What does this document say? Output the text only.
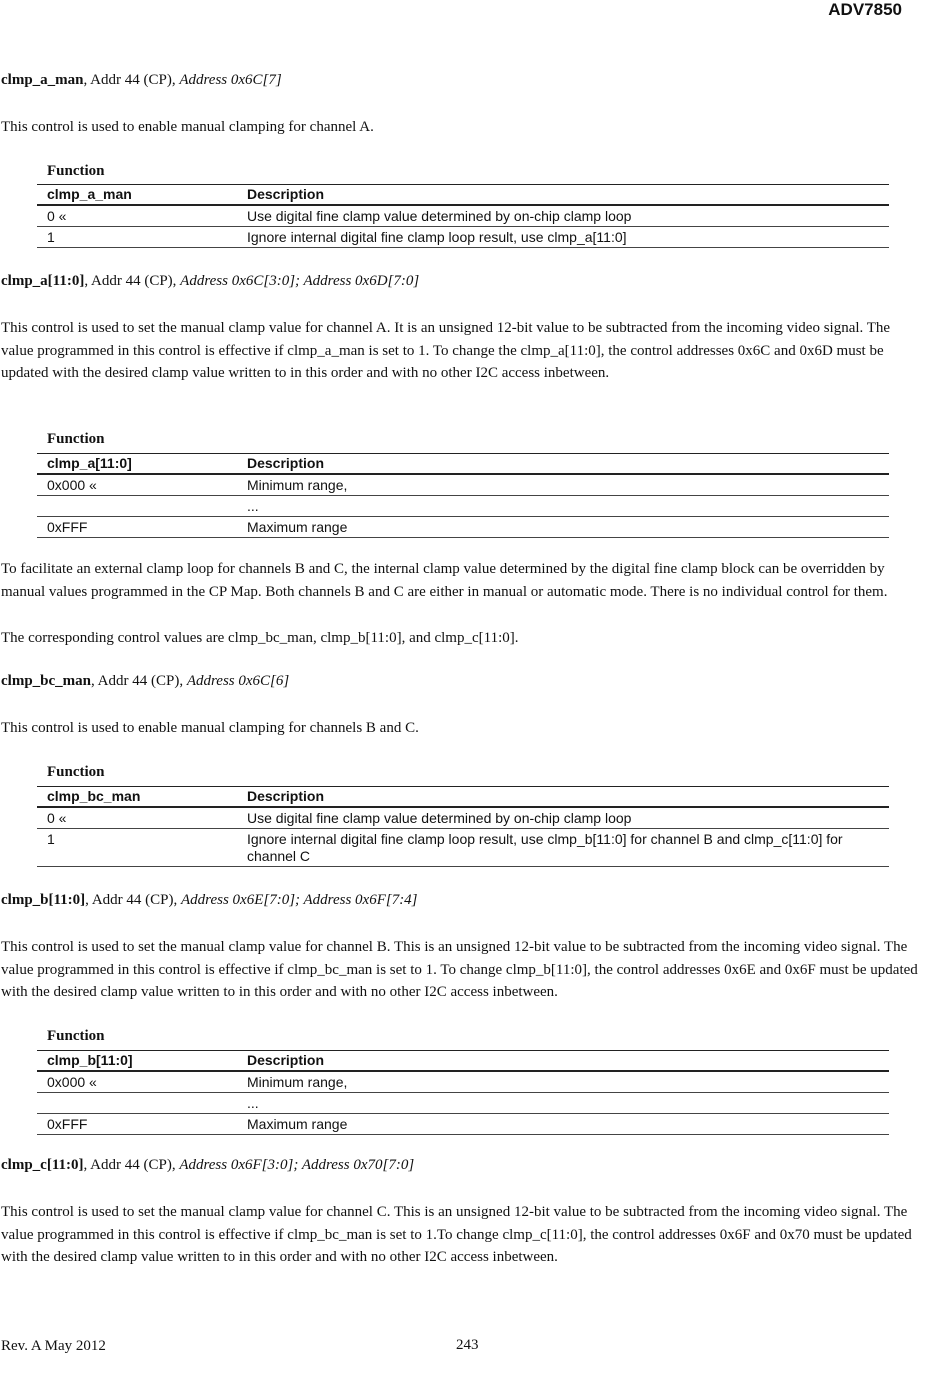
ADV7850
clmp_a_man, Addr 44 (CP), Address 0x6C[7]
This control is used to enable manual clamping for channel A.
Function
clmp_a_man	Description
0 «	Use digital fine clamp value determined by on-chip clamp loop
1	Ignore internal digital fine clamp loop result, use clmp_a[11:0]
clmp_a[11:0], Addr 44 (CP), Address 0x6C[3:0]; Address 0x6D[7:0]
This control is used to set the manual clamp value for channel A. It is an unsigned 12-bit value to be subtracted from the incoming video signal. The value programmed in this control is effective if clmp_a_man is set to 1. To change the clmp_a[11:0], the control addresses 0x6C and 0x6D must be updated with the desired clamp value written to in this order and with no other I2C access inbetween.
Function
clmp_a[11:0]	Description
0x000 «	Minimum range,
	...
0xFFF	Maximum range
To facilitate an external clamp loop for channels B and C, the internal clamp value determined by the digital fine clamp block can be overridden by manual values programmed in the CP Map. Both channels B and C are either in manual or automatic mode. There is no individual control for them.
The corresponding control values are clmp_bc_man, clmp_b[11:0], and clmp_c[11:0].
clmp_bc_man, Addr 44 (CP), Address 0x6C[6]
This control is used to enable manual clamping for channels B and C.
Function
clmp_bc_man	Description
0 «	Use digital fine clamp value determined by on-chip clamp loop
1	Ignore internal digital fine clamp loop result, use clmp_b[11:0] for channel B and clmp_c[11:0] for channel C
clmp_b[11:0], Addr 44 (CP), Address 0x6E[7:0]; Address 0x6F[7:4]
This control is used to set the manual clamp value for channel B. This is an unsigned 12-bit value to be subtracted from the incoming video signal. The value programmed in this control is effective if clmp_bc_man is set to 1. To change clmp_b[11:0], the control addresses 0x6E and 0x6F must be updated with the desired clamp value written to in this order and with no other I2C access inbetween.
Function
clmp_b[11:0]	Description
0x000 «	Minimum range,
	...
0xFFF	Maximum range
clmp_c[11:0], Addr 44 (CP), Address 0x6F[3:0]; Address 0x70[7:0]
This control is used to set the manual clamp value for channel C. This is an unsigned 12-bit value to be subtracted from the incoming video signal. The value programmed in this control is effective if clmp_bc_man is set to 1.To change clmp_c[11:0], the control addresses 0x6F and 0x70 must be updated with the desired clamp value written to in this order and with no other I2C access inbetween.
Rev. A May 2012	243
